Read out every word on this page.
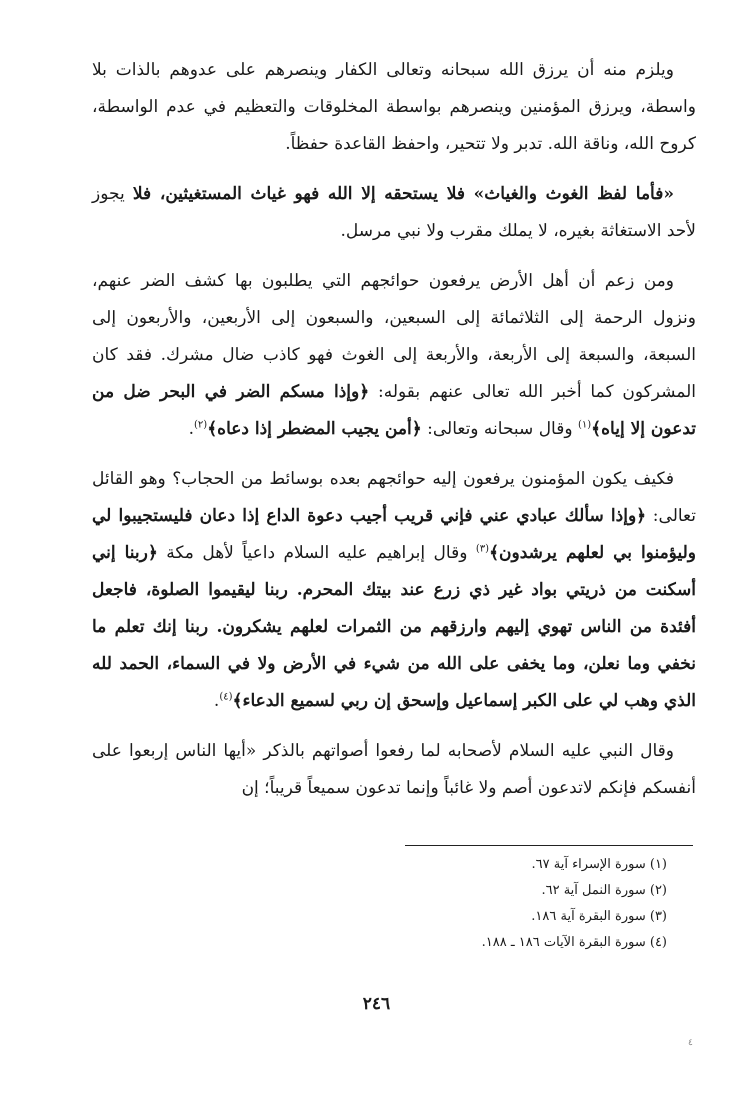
ويلزم منه أن يرزق الله سبحانه وتعالى الكفار وينصرهم على عدوهم بالذات بلا واسطة، ويرزق المؤمنين وينصرهم بواسطة المخلوقات والتعظيم في عدم الواسطة، كروح الله، وناقة الله. تدبر ولا تتحير، واحفظ القاعدة حفظاً.

«فأما لفظ الغوث والغياث» فلا يستحقه إلا الله فهو غياث المستغيثين، فلا يجوز لأحد الاستغاثة بغيره، لا يملك مقرب ولا نبي مرسل.

ومن زعم أن أهل الأرض يرفعون حوائجهم التي يطلبون بها كشف الضر عنهم، ونزول الرحمة إلى الثلاثمائة إلى السبعين، والسبعون إلى الأربعين، والأربعون إلى السبعة، والسبعة إلى الأربعة، والأربعة إلى الغوث فهو كاذب ضال مشرك. فقد كان المشركون كما أخبر الله تعالى عنهم بقوله: ﴿وإذا مسكم الضر في البحر ضل من تدعون إلا إياه﴾$^{(١)}$ وقال سبحانه وتعالى: ﴿أمن يجيب المضطر إذا دعاه﴾$^{(٢)}$.

فكيف يكون المؤمنون يرفعون إليه حوائجهم بعده بوسائط من الحجاب؟ وهو القائل تعالى: ﴿وإذا سألك عبادي عني فإني قريب أجيب دعوة الداع إذا دعان فليستجيبوا لي وليؤمنوا بي لعلهم يرشدون﴾$^{(٣)}$ وقال إبراهيم عليه السلام داعياً لأهل مكة ﴿ربنا إني أسكنت من ذريتي بواد غير ذي زرع عند بيتك المحرم. ربنا ليقيموا الصلوة، فاجعل أفئدة من الناس تهوي إليهم وارزقهم من الثمرات لعلهم يشكرون. ربنا إنك تعلم ما نخفي وما نعلن، وما يخفى على الله من شيء في الأرض ولا في السماء، الحمد لله الذي وهب لي على الكبر إسماعيل وإسحق إن ربي لسميع الدعاء﴾$^{(٤)}$.

وقال النبي عليه السلام لأصحابه لما رفعوا أصواتهم بالذكر «أيها الناس إربعوا على أنفسكم فإنكم لاتدعون أصم ولا غائباً وإنما تدعون سميعاً قريباً؛ إن

(١) سورة الإسراء آية ٦٧.
(٢) سورة النمل آية ٦٢.
(٣) سورة البقرة آية ١٨٦.
(٤) سورة البقرة الآيات ١٨٦ ـ ١٨٨.
٢٤٦
٤
